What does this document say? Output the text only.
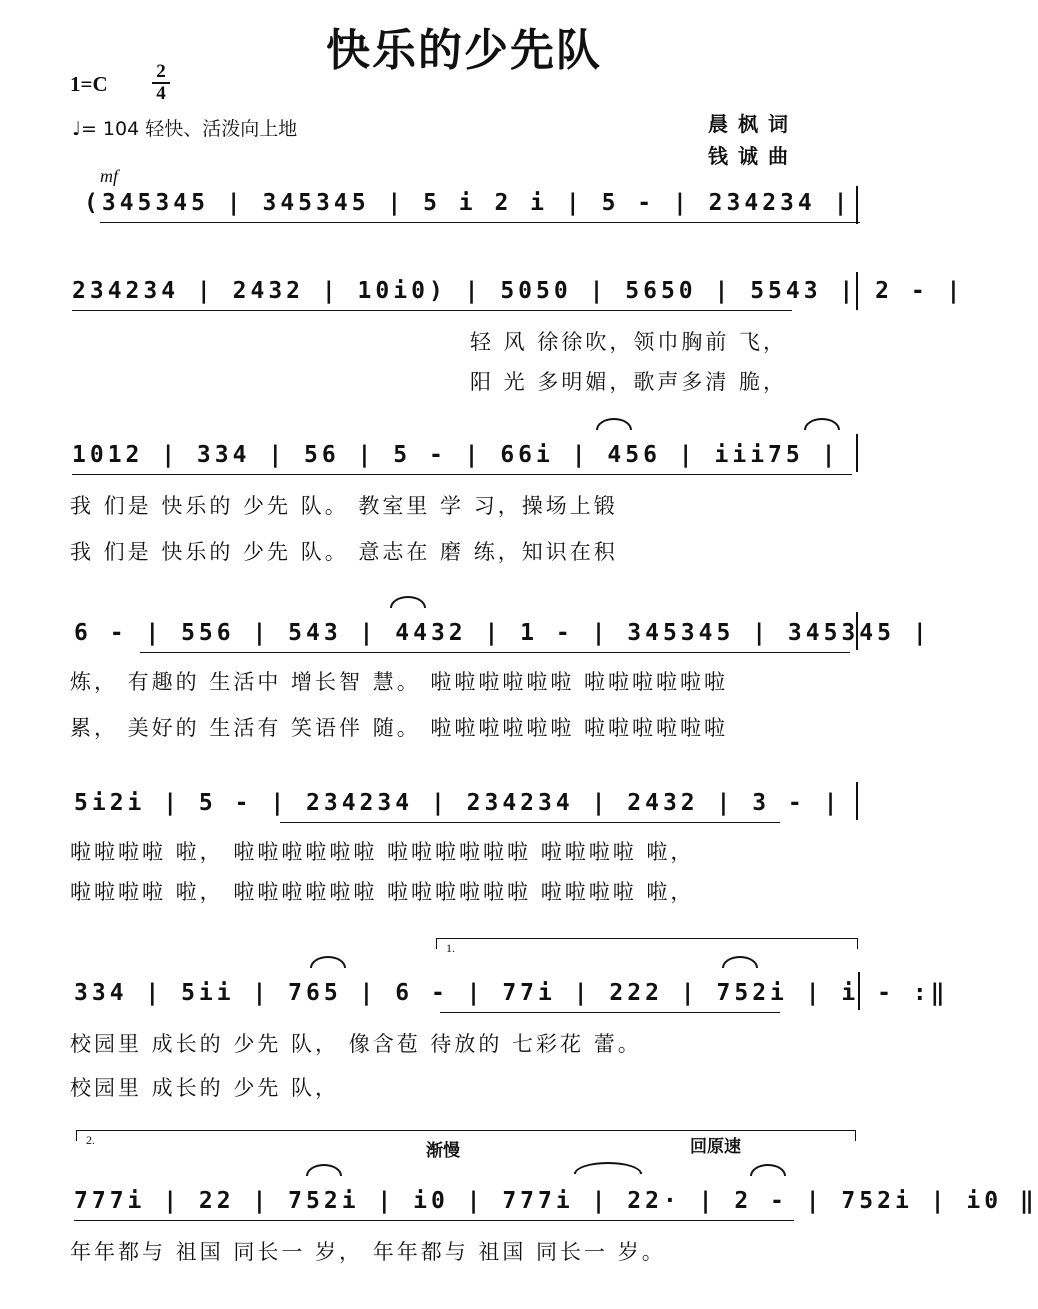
快乐的少先队
1=C
2
4
♩= 104 轻快、活泼向上地	晨枫词
钱诚曲
mf
(345345 | 345345 | 5 i 2 i | 5 - | 234234 |
234234 | 2432 | 10i0) | 5050 | 5650 | 5543 | 2 - |
轻 风 徐徐吹，领巾胸前 飞，
阳 光 多明媚，歌声多清 脆，
1012 | 334 | 56 | 5 - | 66i | 456 | iii75 |
我 们是 快乐的 少先 队。 教室里 学 习，操场上锻
我 们是 快乐的 少先 队。 意志在 磨 练，知识在积
6 - | 556 | 543 | 4432 | 1 - | 345345 | 345345 |
炼， 有趣的 生活中 增长智 慧。 啦啦啦啦啦啦 啦啦啦啦啦啦
累， 美好的 生活有 笑语伴 随。 啦啦啦啦啦啦 啦啦啦啦啦啦
5i2i | 5 - | 234234 | 234234 | 2432 | 3 - |
啦啦啦啦 啦， 啦啦啦啦啦啦 啦啦啦啦啦啦 啦啦啦啦 啦，
啦啦啦啦 啦， 啦啦啦啦啦啦 啦啦啦啦啦啦 啦啦啦啦 啦，
1.
334 | 5ii | 765 | 6 - | 77i | 222 | 752i | i - :‖
校园里 成长的 少先 队， 像含苞 待放的 七彩花 蕾。
校园里 成长的 少先 队，
2.
渐慢	回原速
777i | 22 | 752i | i0 | 777i | 22· | 2 - | 752i | i0 ‖
年年都与 祖国 同长一 岁， 年年都与 祖国 同长一 岁。
